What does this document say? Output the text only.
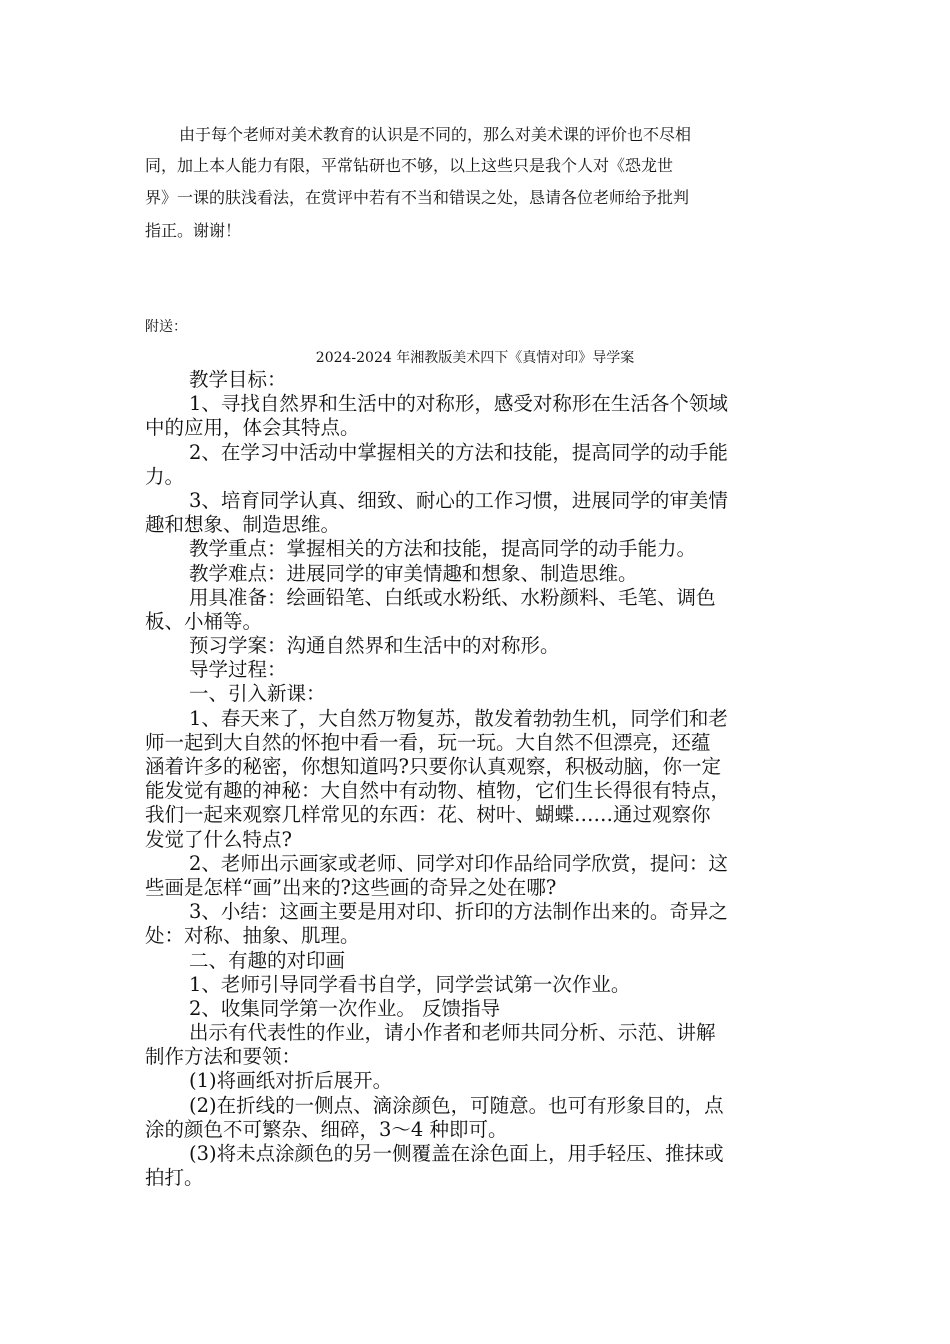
由于每个老师对美术教育的认识是不同的，那么对美术课的评价也不尽相
同，加上本人能力有限，平常钻研也不够，以上这些只是我个人对《恐龙世
界》一课的肤浅看法，在赏评中若有不当和错误之处，恳请各位老师给予批判
指正。谢谢！
附送：
2024-2024 年湘教版美术四下《真情对印》导学案
教学目标：
1、寻找自然界和生活中的对称形，感受对称形在生活各个领域
中的应用，体会其特点。
2、在学习中活动中掌握相关的方法和技能，提高同学的动手能
力。
3、培育同学认真、细致、耐心的工作习惯，进展同学的审美情
趣和想象、制造思维。
教学重点：掌握相关的方法和技能，提高同学的动手能力。
教学难点：进展同学的审美情趣和想象、制造思维。
用具准备：绘画铅笔、白纸或水粉纸、水粉颜料、毛笔、调色
板、小桶等。
预习学案：沟通自然界和生活中的对称形。
导学过程：
一、引入新课：
1、春天来了，大自然万物复苏，散发着勃勃生机，同学们和老
师一起到大自然的怀抱中看一看，玩一玩。大自然不但漂亮，还蕴
涵着许多的秘密，你想知道吗?只要你认真观察，积极动脑，你一定
能发觉有趣的神秘：大自然中有动物、植物，它们生长得很有特点，
我们一起来观察几样常见的东西：花、树叶、蝴蝶……通过观察你
发觉了什么特点?
2、老师出示画家或老师、同学对印作品给同学欣赏，提问：这
些画是怎样“画”出来的?这些画的奇异之处在哪?
3、小结：这画主要是用对印、折印的方法制作出来的。奇异之
处：对称、抽象、肌理。
二、有趣的对印画
1、老师引导同学看书自学，同学尝试第一次作业。
2、收集同学第一次作业。 反馈指导
出示有代表性的作业，请小作者和老师共同分析、示范、讲解
制作方法和要领：
(1)将画纸对折后展开。
(2)在折线的一侧点、滴涂颜色，可随意。也可有形象目的，点
涂的颜色不可繁杂、细碎，3～4 种即可。
(3)将未点涂颜色的另一侧覆盖在涂色面上，用手轻压、推抹或
拍打。
